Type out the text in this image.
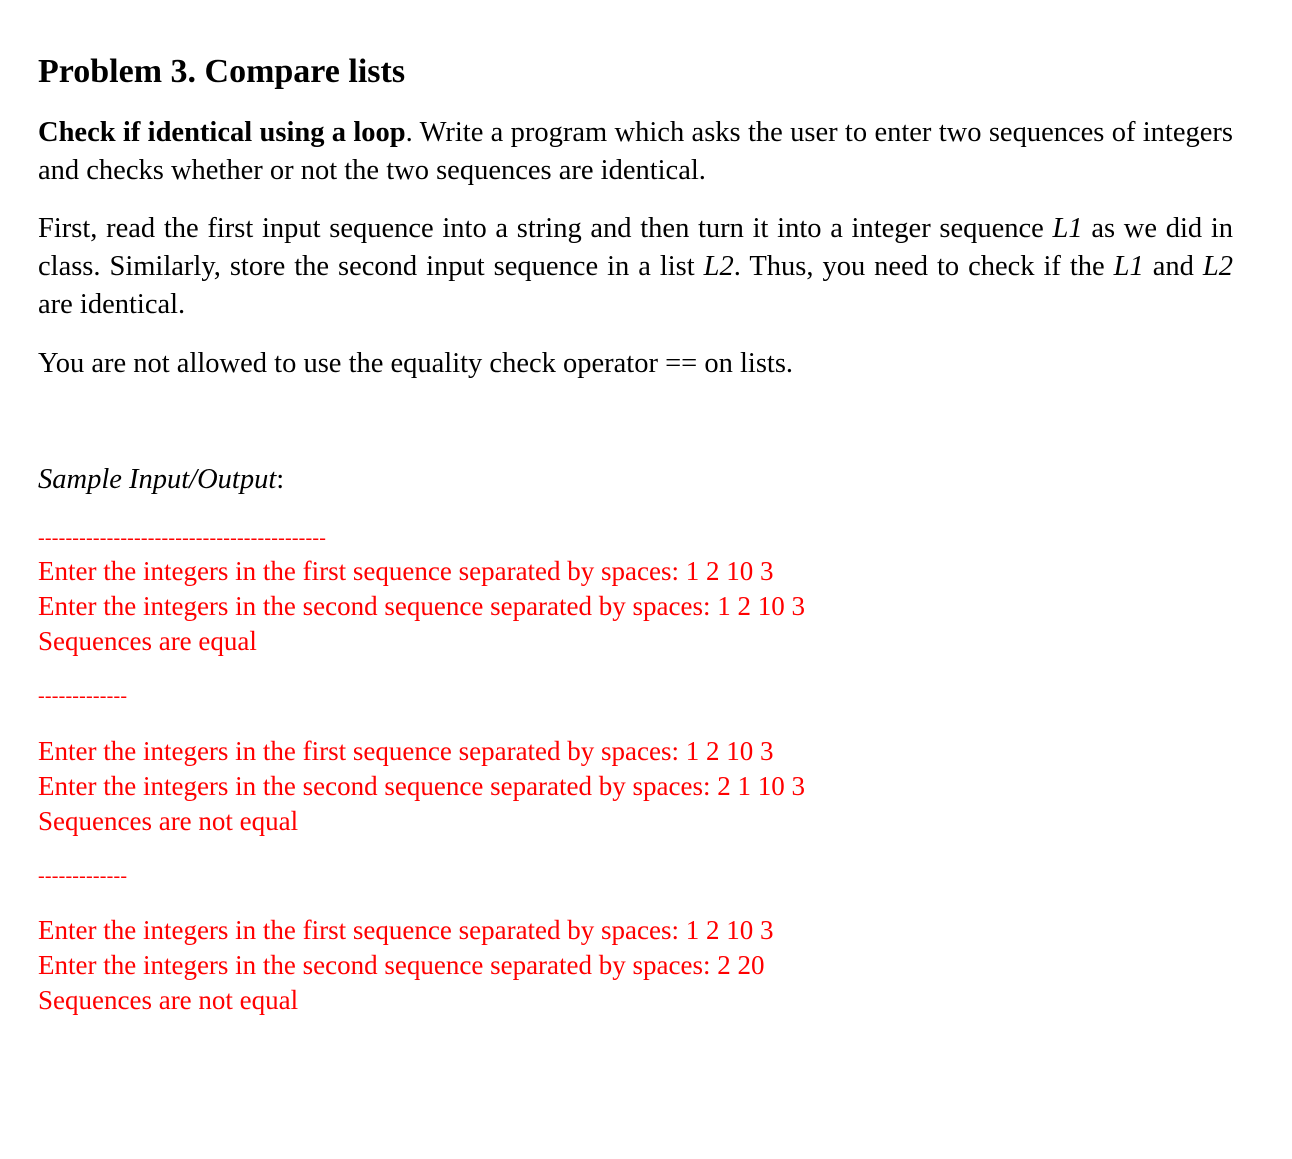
Problem 3. Compare lists

Check if identical using a loop. Write a program which asks the user to enter two sequences of integers and checks whether or not the two sequences are identical.

First, read the first input sequence into a string and then turn it into a integer sequence L1 as we did in class. Similarly, store the second input sequence in a list L2. Thus, you need to check if the L1 and L2 are identical.

You are not allowed to use the equality check operator == on lists.

Sample Input/Output:

------------------------------------------
Enter the integers in the first sequence separated by spaces: 1 2 10 3
Enter the integers in the second sequence separated by spaces: 1 2 10 3
Sequences are equal
-------------
Enter the integers in the first sequence separated by spaces: 1 2 10 3
Enter the integers in the second sequence separated by spaces: 2 1 10 3
Sequences are not equal
-------------
Enter the integers in the first sequence separated by spaces: 1 2 10 3
Enter the integers in the second sequence separated by spaces: 2 20
Sequences are not equal
